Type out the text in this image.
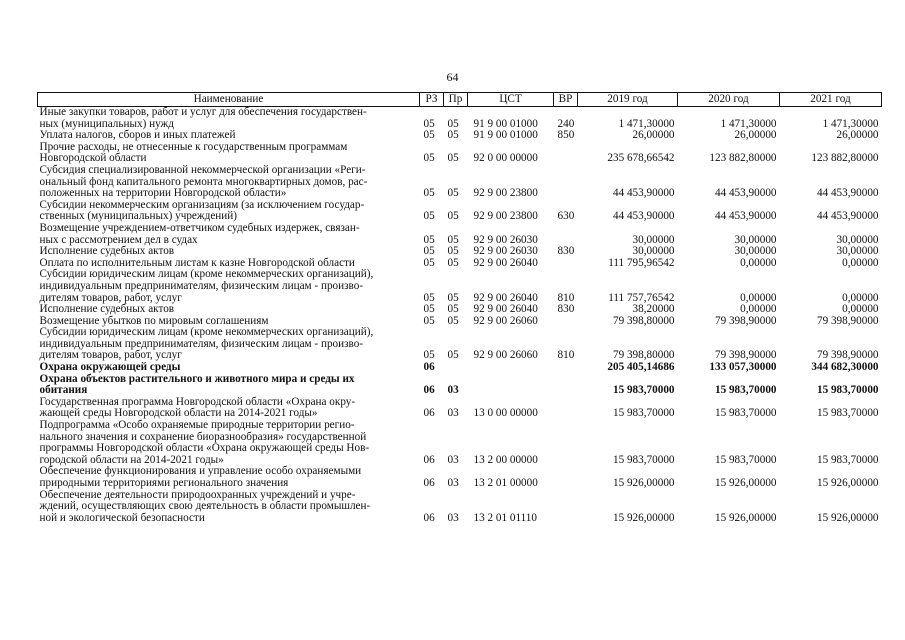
64
Наименование	РЗ	Пр	ЦСТ	ВР	2019 год	2020 год	2021 год
Иные закупки товаров, работ и услуг для обеспечения государствен-
ных (муниципальных) нужд	05	05	91 9 00 01000	240	1 471,30000	1 471,30000	1 471,30000
Уплата налогов, сборов и иных платежей	05	05	91 9 00 01000	850	26,00000	26,00000	26,00000
Прочие расходы, не отнесенные к государственным программам
Новгородской области	05	05	92 0 00 00000		235 678,66542	123 882,80000	123 882,80000
Субсидия специализированной некоммерческой организации «Реги-
ональный фонд капитального ремонта многоквартирных домов, рас-
положенных на территории Новгородской области»	05	05	92 9 00 23800		44 453,90000	44 453,90000	44 453,90000
Субсидии некоммерческим организациям (за исключением государ-
ственных (муниципальных) учреждений)	05	05	92 9 00 23800	630	44 453,90000	44 453,90000	44 453,90000
Возмещение учреждением-ответчиком судебных издержек, связан-
ных с рассмотрением дел в судах	05	05	92 9 00 26030		30,00000	30,00000	30,00000
Исполнение судебных актов	05	05	92 9 00 26030	830	30,00000	30,00000	30,00000
Оплата по исполнительным листам к казне Новгородской области	05	05	92 9 00 26040		111 795,96542	0,00000	0,00000
Субсидии юридическим лицам (кроме некоммерческих организаций),
индивидуальным предпринимателям, физическим лицам - произво-
дителям товаров, работ, услуг	05	05	92 9 00 26040	810	111 757,76542	0,00000	0,00000
Исполнение судебных актов	05	05	92 9 00 26040	830	38,20000	0,00000	0,00000
Возмещение убытков по мировым соглашениям	05	05	92 9 00 26060		79 398,80000	79 398,90000	79 398,90000
Субсидии юридическим лицам (кроме некоммерческих организаций),
индивидуальным предпринимателям, физическим лицам - произво-
дителям товаров, работ, услуг	05	05	92 9 00 26060	810	79 398,80000	79 398,90000	79 398,90000
Охрана окружающей среды	06				205 405,14686	133 057,30000	344 682,30000
Охрана объектов растительного и животного мира и среды их
обитания	06	03			15 983,70000	15 983,70000	15 983,70000
Государственная программа Новгородской области «Охрана окру-
жающей среды Новгородской области на 2014-2021 годы»	06	03	13 0 00 00000		15 983,70000	15 983,70000	15 983,70000
Подпрограмма «Особо охраняемые природные территории регио-
нального значения и сохранение биоразнообразия» государственной
программы Новгородской области «Охрана окружающей среды Нов-
городской области на 2014-2021 годы»	06	03	13 2 00 00000		15 983,70000	15 983,70000	15 983,70000
Обеспечение функционирования и управление особо охраняемыми
природными территориями регионального значения	06	03	13 2 01 00000		15 926,00000	15 926,00000	15 926,00000
Обеспечение деятельности природоохранных учреждений и учре-
ждений, осуществляющих свою деятельность в области промышлен-
ной и экологической безопасности	06	03	13 2 01 01110		15 926,00000	15 926,00000	15 926,00000
